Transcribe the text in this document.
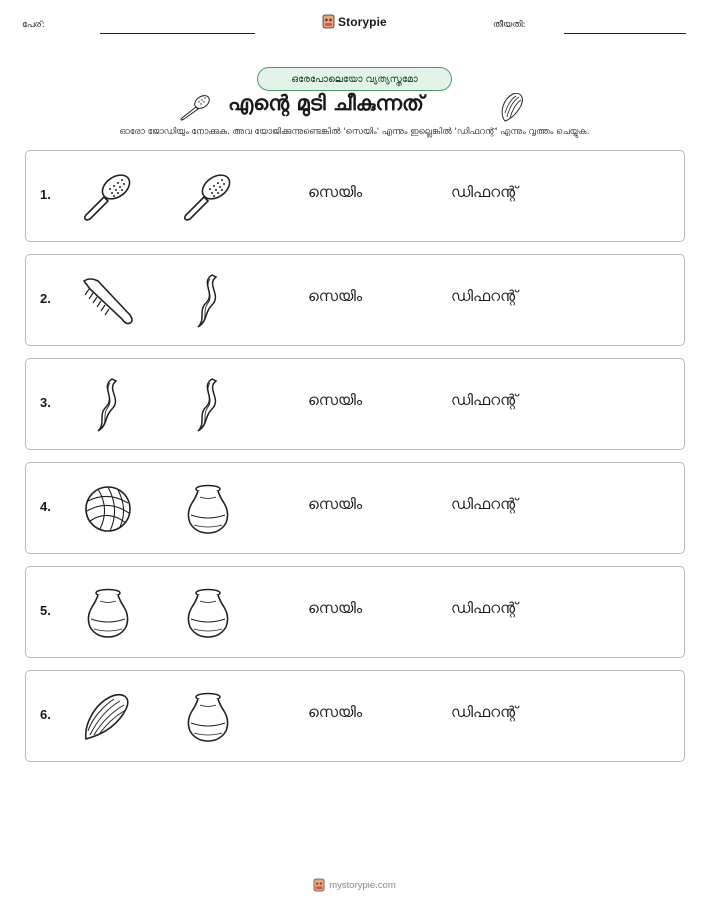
പേര്:	Storypie	തീയതി:
ഒരേപോലെയോ വ്യത്യസ്തമോ
എന്റെ മുടി ചീകുന്നത്
ഓരോ ജോഡിയും നോക്കുക. അവ യോജിക്കുന്നുണ്ടെങ്കിൽ 'സെയിം' എന്നും ഇല്ലെങ്കിൽ 'ഡിഫറന്റ്' എന്നും വൃത്തം ചെയ്യുക.
1.	സെയിം	ഡിഫറന്റ്
2.	സെയിം	ഡിഫറന്റ്
3.	സെയിം	ഡിഫറന്റ്
4.	സെയിം	ഡിഫറന്റ്
5.	സെയിം	ഡിഫറന്റ്
6.	സെയിം	ഡിഫറന്റ്
mystorypie.com
